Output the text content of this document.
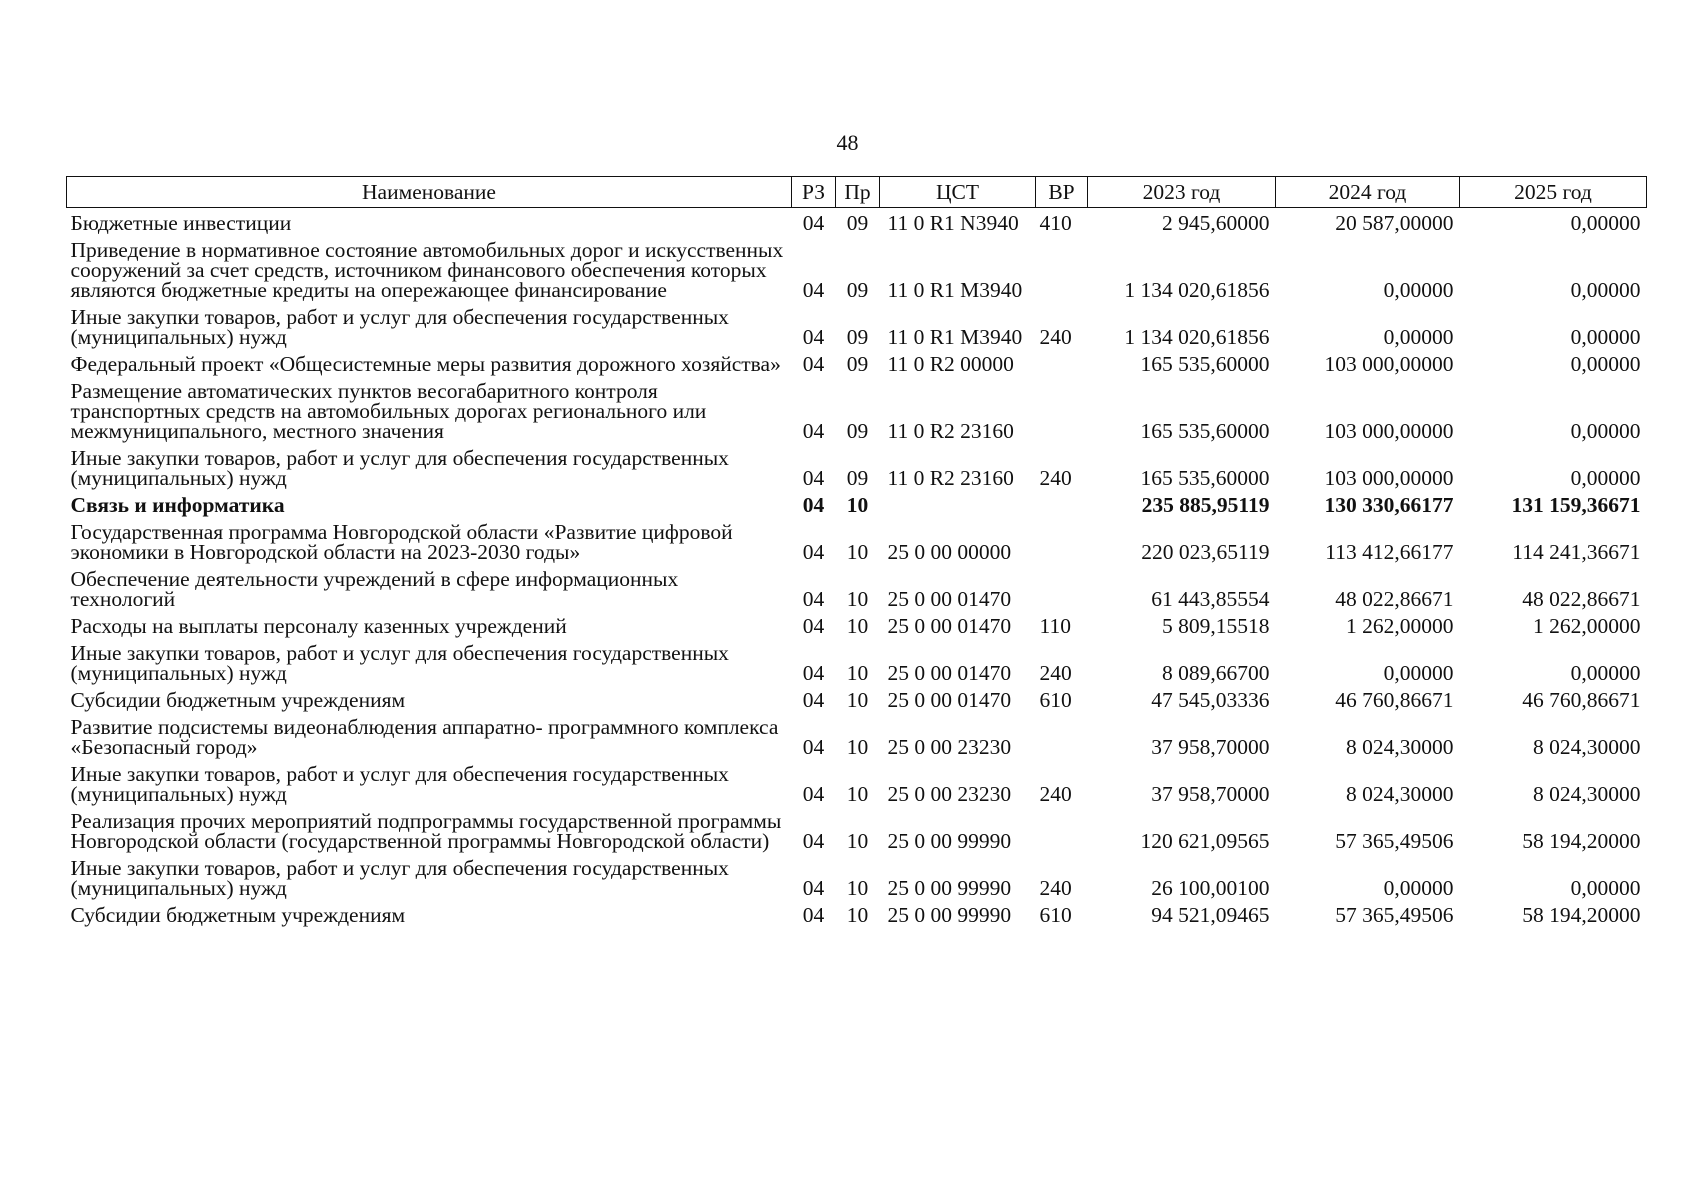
48
Наименование	РЗ	Пр	ЦСТ	ВР	2023 год	2024 год	2025 год
Бюджетные инвестиции	04	09	11 0 R1 N3940	410	2 945,60000	20 587,00000	0,00000
Приведение в нормативное состояние автомобильных дорог и искусственных сооружений за счет средств, источником финансового обеспечения которых являются бюджетные кредиты на опережающее финансирование	04	09	11 0 R1 M3940		1 134 020,61856	0,00000	0,00000
Иные закупки товаров, работ и услуг для обеспечения государственных (муниципальных) нужд	04	09	11 0 R1 M3940	240	1 134 020,61856	0,00000	0,00000
Федеральный проект «Общесистемные меры развития дорожного хозяйства»	04	09	11 0 R2 00000		165 535,60000	103 000,00000	0,00000
Размещение автоматических пунктов весогабаритного контроля транспортных средств на автомобильных дорогах регионального или межмуниципального, местного значения	04	09	11 0 R2 23160		165 535,60000	103 000,00000	0,00000
Иные закупки товаров, работ и услуг для обеспечения государственных (муниципальных) нужд	04	09	11 0 R2 23160	240	165 535,60000	103 000,00000	0,00000
Связь и информатика	04	10			235 885,95119	130 330,66177	131 159,36671
Государственная программа Новгородской области «Развитие цифровой экономики в Новгородской области на 2023-2030 годы»	04	10	25 0 00 00000		220 023,65119	113 412,66177	114 241,36671
Обеспечение деятельности учреждений в сфере информационных технологий	04	10	25 0 00 01470		61 443,85554	48 022,86671	48 022,86671
Расходы на выплаты персоналу казенных учреждений	04	10	25 0 00 01470	110	5 809,15518	1 262,00000	1 262,00000
Иные закупки товаров, работ и услуг для обеспечения государственных (муниципальных) нужд	04	10	25 0 00 01470	240	8 089,66700	0,00000	0,00000
Субсидии бюджетным учреждениям	04	10	25 0 00 01470	610	47 545,03336	46 760,86671	46 760,86671
Развитие подсистемы видеонаблюдения аппаратно- программного комплекса «Безопасный город»	04	10	25 0 00 23230		37 958,70000	8 024,30000	8 024,30000
Иные закупки товаров, работ и услуг для обеспечения государственных (муниципальных) нужд	04	10	25 0 00 23230	240	37 958,70000	8 024,30000	8 024,30000
Реализация прочих мероприятий подпрограммы государственной программы Новгородской области (государственной программы Новгородской области)	04	10	25 0 00 99990		120 621,09565	57 365,49506	58 194,20000
Иные закупки товаров, работ и услуг для обеспечения государственных (муниципальных) нужд	04	10	25 0 00 99990	240	26 100,00100	0,00000	0,00000
Субсидии бюджетным учреждениям	04	10	25 0 00 99990	610	94 521,09465	57 365,49506	58 194,20000
